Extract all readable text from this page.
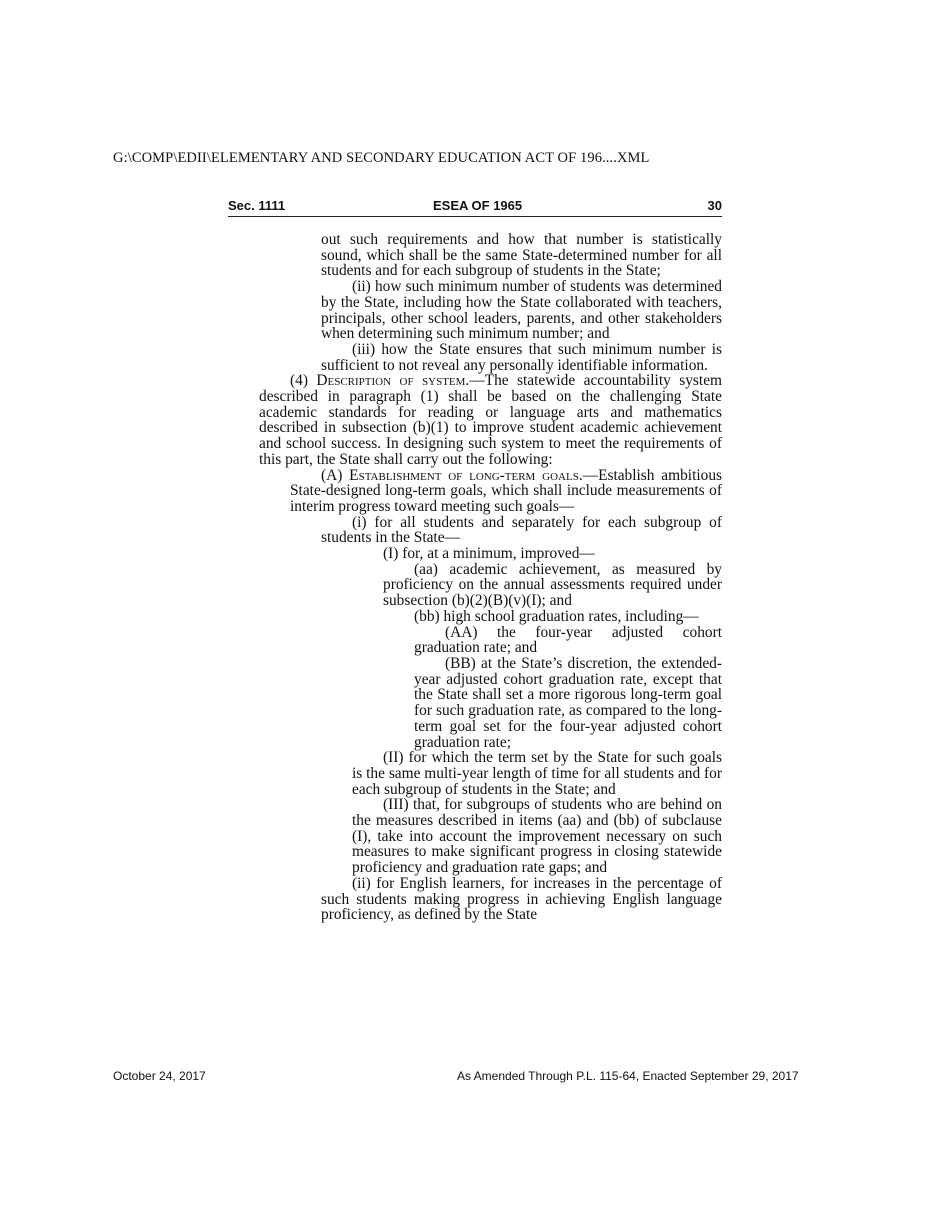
G:\COMP\EDII\ELEMENTARY AND SECONDARY EDUCATION ACT OF 196....XML
Sec. 1111	ESEA OF 1965	30
out such requirements and how that number is statistically sound, which shall be the same State-determined number for all students and for each subgroup of students in the State;
(ii) how such minimum number of students was determined by the State, including how the State collaborated with teachers, principals, other school leaders, parents, and other stakeholders when determining such minimum number; and
(iii) how the State ensures that such minimum number is sufficient to not reveal any personally identifiable information.
(4) Description of system.—The statewide accountability system described in paragraph (1) shall be based on the challenging State academic standards for reading or language arts and mathematics described in subsection (b)(1) to improve student academic achievement and school success. In designing such system to meet the requirements of this part, the State shall carry out the following:
(A) Establishment of long-term goals.—Establish ambitious State-designed long-term goals, which shall include measurements of interim progress toward meeting such goals—
(i) for all students and separately for each subgroup of students in the State—
(I) for, at a minimum, improved—
(aa) academic achievement, as measured by proficiency on the annual assessments required under subsection (b)(2)(B)(v)(I); and
(bb) high school graduation rates, including—
(AA) the four-year adjusted cohort graduation rate; and
(BB) at the State’s discretion, the extended-year adjusted cohort graduation rate, except that the State shall set a more rigorous long-term goal for such graduation rate, as compared to the long-term goal set for the four-year adjusted cohort graduation rate;
(II) for which the term set by the State for such goals is the same multi-year length of time for all students and for each subgroup of students in the State; and
(III) that, for subgroups of students who are behind on the measures described in items (aa) and (bb) of subclause (I), take into account the improvement necessary on such measures to make significant progress in closing statewide proficiency and graduation rate gaps; and
(ii) for English learners, for increases in the percentage of such students making progress in achieving English language proficiency, as defined by the State
October 24, 2017	As Amended Through P.L. 115-64, Enacted September 29, 2017
